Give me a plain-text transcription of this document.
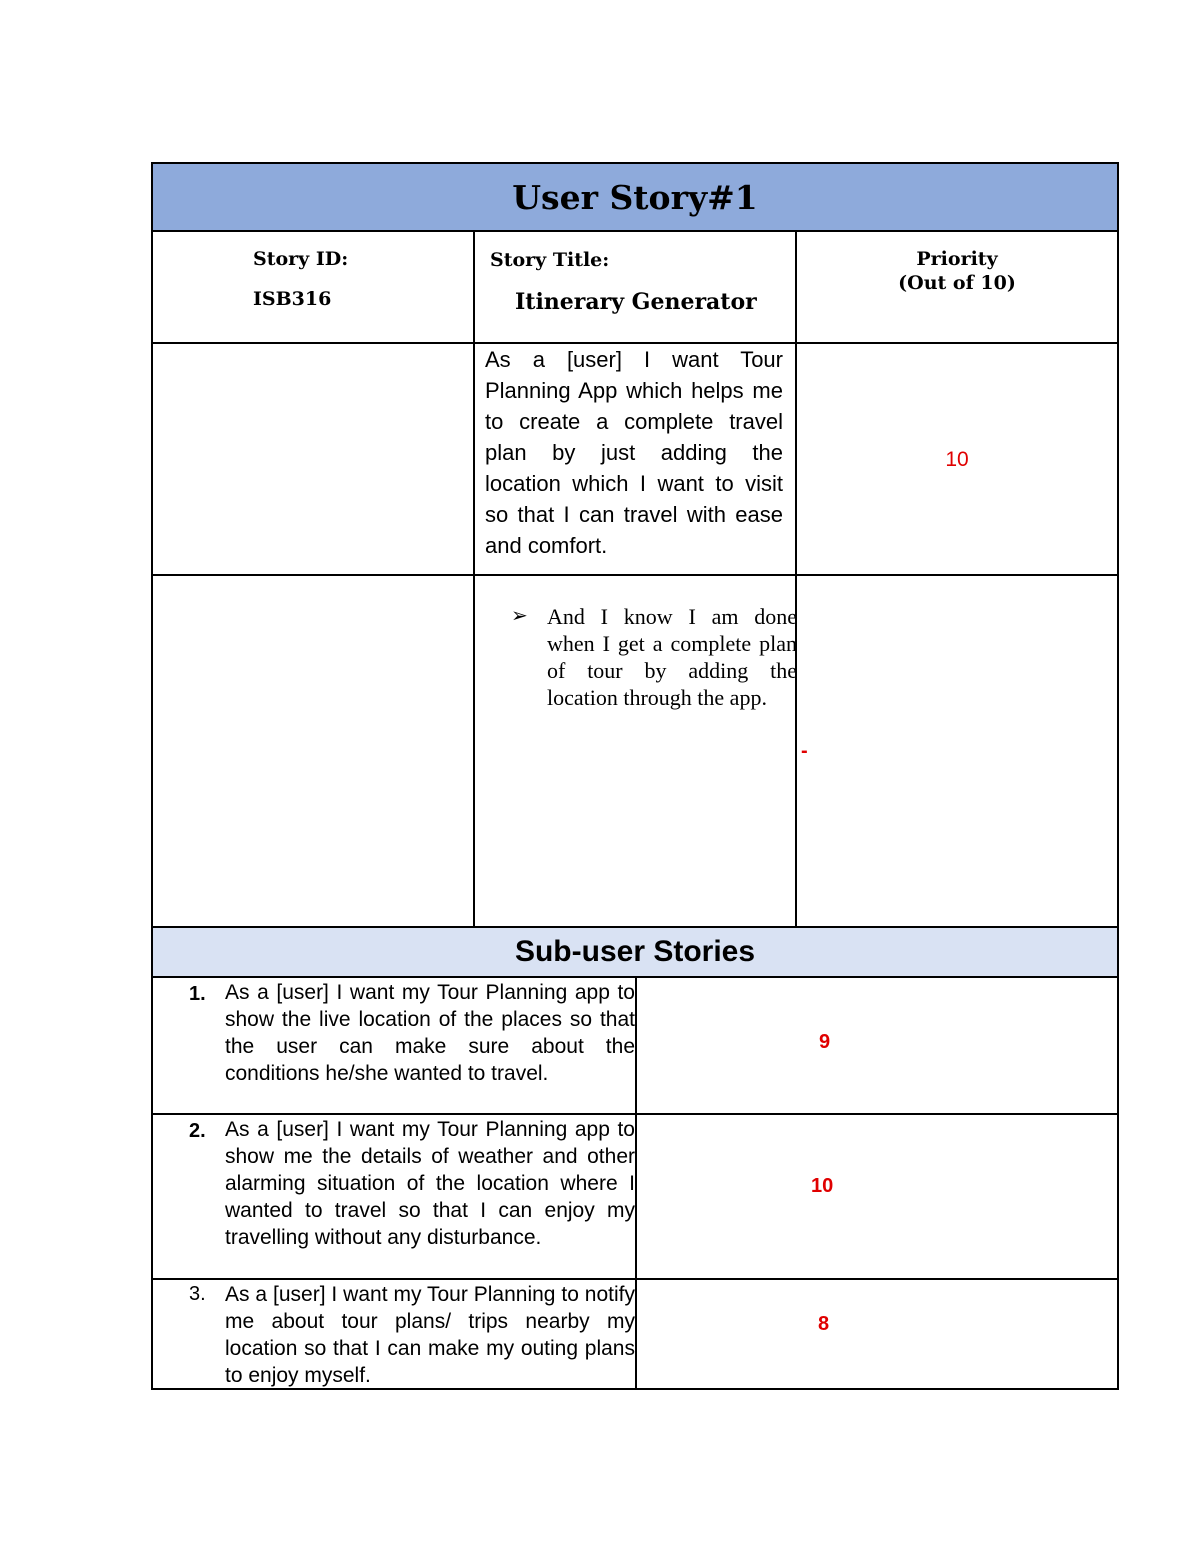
User Story#1
Story ID:
ISB316
Story Title:
Itinerary Generator
Priority
(Out of 10)
As a [user] I want Tour Planning App which helps me to create a complete travel plan by just adding the location which I want to visit so that I can travel with ease and comfort.
10
➢ And I know I am done when I get a complete plan of tour by adding the location through the app.
-
Sub-user Stories
1. As a [user] I want my Tour Planning app to show the live location of the places so that the user can make sure about the conditions he/she wanted to travel.
9
2. As a [user] I want my Tour Planning app to show me the details of weather and other alarming situation of the location where I wanted to travel so that I can enjoy my travelling without any disturbance.
10
3. As a [user] I want my Tour Planning to notify me about tour plans/ trips nearby my location so that I can make my outing plans to enjoy myself.
8
